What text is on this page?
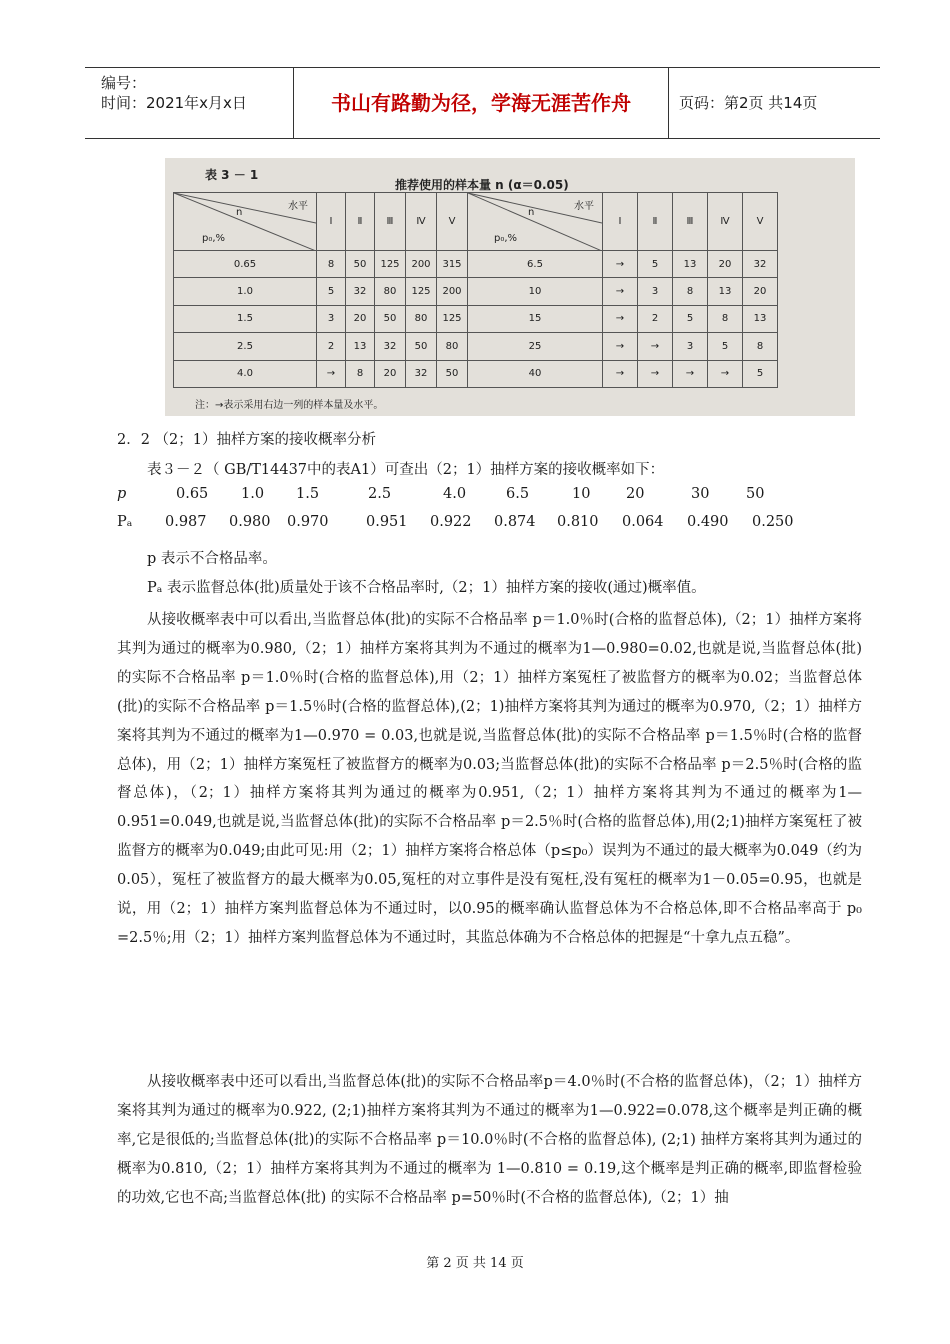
编号：
时间：2021年x月x日	书山有路勤为径，学海无涯苦作舟	页码：第2页 共14页
表 3 － 1
推荐使用的样本量 n (α＝0.05)
水平
n
p₀,%	Ⅰ	Ⅱ	Ⅲ	Ⅳ	Ⅴ	水平
n
p₀,%	Ⅰ	Ⅱ	Ⅲ	Ⅳ	Ⅴ
0.65	8	50	125	200	315	6.5	→	5	13	20	32
1.0	5	32	80	125	200	10	→	3	8	13	20
1.5	3	20	50	80	125	15	→	2	5	8	13
2.5	2	13	32	50	80	25	→	→	3	5	8
4.0	→	8	20	32	50	40	→	→	→	→	5
注：→表示采用右边一列的样本量及水平。
2．2 （2；1）抽样方案的接收概率分析
表３－２（ GB/T14437中的表A1）可查出（2；1）抽样方案的接收概率如下：
p	0.65 1.0 1.5	2.5	4.0	6.5	10 20	30	50
Pₐ 0.987 0.980 0.970	0.951 0.922 0.874 0.810 0.064 0.490 0.250
p 表示不合格品率。
Pₐ 表示监督总体(批)质量处于该不合格品率时,（2；1）抽样方案的接收(通过)概率值。
从接收概率表中可以看出,当监督总体(批)的实际不合格品率 p＝1.0％时(合格的监督总体),（2；1）抽样方案将其判为通过的概率为0.980,（2；1）抽样方案将其判为不通过的概率为1—0.980=0.02,也就是说,当监督总体(批)的实际不合格品率 p＝1.0％时(合格的监督总体),用（2；1）抽样方案冤枉了被监督方的概率为0.02；当监督总体(批)的实际不合格品率 p＝1.5％时(合格的监督总体),(2；1)抽样方案将其判为通过的概率为0.970,（2；1）抽样方案将其判为不通过的概率为1—0.970 = 0.03,也就是说,当监督总体(批)的实际不合格品率 p＝1.5％时(合格的监督总体)，用（2；1）抽样方案冤枉了被监督方的概率为0.03;当监督总体(批)的实际不合格品率 p＝2.5％时(合格的监督总体)，（2；1）抽样方案将其判为通过的概率为0.951,（2；1）抽样方案将其判为不通过的概率为1—0.951=0.049,也就是说,当监督总体(批)的实际不合格品率 p＝2.5％时(合格的监督总体),用(2;1)抽样方案冤枉了被监督方的概率为0.049;由此可见:用（2；1）抽样方案将合格总体（p≤p₀）误判为不通过的最大概率为0.049（约为0.05），冤枉了被监督方的最大概率为0.05,冤枉的对立事件是没有冤枉,没有冤枉的概率为1－0.05=0.95，也就是说，用（2；1）抽样方案判监督总体为不通过时，以0.95的概率确认监督总体为不合格总体,即不合格品率高于 p₀ =2.5％;用（2；1）抽样方案判监督总体为不通过时，其监总体确为不合格总体的把握是“十拿九点五稳”。
从接收概率表中还可以看出,当监督总体(批)的实际不合格品率p＝4.0％时(不合格的监督总体)，（2；1）抽样方案将其判为通过的概率为0.922, (2;1)抽样方案将其判为不通过的概率为1—0.922=0.078,这个概率是判正确的概率,它是很低的;当监督总体(批)的实际不合格品率 p＝10.0％时(不合格的监督总体), (2;1) 抽样方案将其判为通过的概率为0.810,（2；1）抽样方案将其判为不通过的概率为 1—0.810 = 0.19,这个概率是判正确的概率,即监督检验的功效,它也不高;当监督总体(批) 的实际不合格品率 p=50％时(不合格的监督总体),（2；1）抽
第 2 页 共 14 页
